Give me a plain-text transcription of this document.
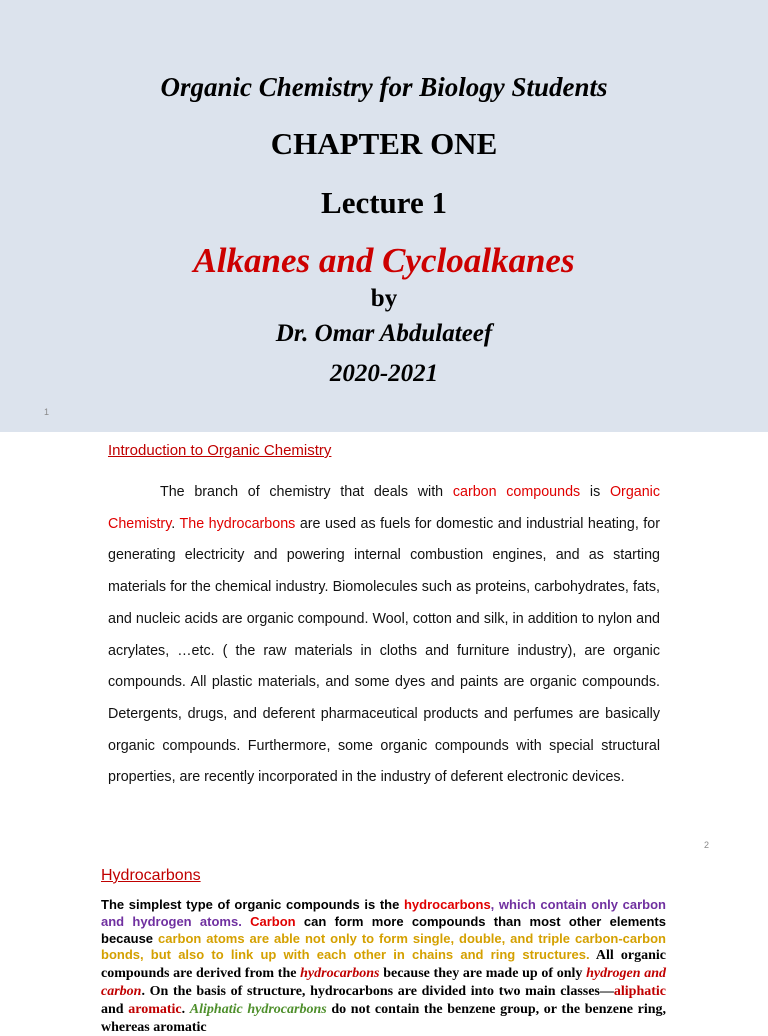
Organic Chemistry for Biology Students
CHAPTER ONE
Lecture 1
Alkanes and Cycloalkanes
by
Dr. Omar Abdulateef
2020-2021
1
Introduction to Organic Chemistry
The branch of chemistry that deals with carbon compounds is Organic Chemistry. The hydrocarbons are used as fuels for domestic and industrial heating, for generating electricity and powering internal combustion engines, and as starting materials for the chemical industry. Biomolecules such as proteins, carbohydrates, fats, and nucleic acids are organic compound. Wool, cotton and silk, in addition to nylon and acrylates, …etc. ( the raw materials in cloths and furniture industry), are organic compounds. All plastic materials, and some dyes and paints are organic compounds. Detergents, drugs, and deferent pharmaceutical products and perfumes are basically organic compounds. Furthermore, some organic compounds with special structural properties, are recently incorporated in the industry of deferent electronic devices.
2
Hydrocarbons
The simplest type of organic compounds is the hydrocarbons, which contain only carbon and hydrogen atoms. Carbon can form more compounds than most other elements because carbon atoms are able not only to form single, double, and triple carbon-carbon bonds, but also to link up with each other in chains and ring structures. All organic compounds are derived from the hydrocarbons because they are made up of only hydrogen and carbon. On the basis of structure, hydrocarbons are divided into two main classes—aliphatic and aromatic. Aliphatic hydrocarbons do not contain the benzene group, or the benzene ring, whereas aromatic
